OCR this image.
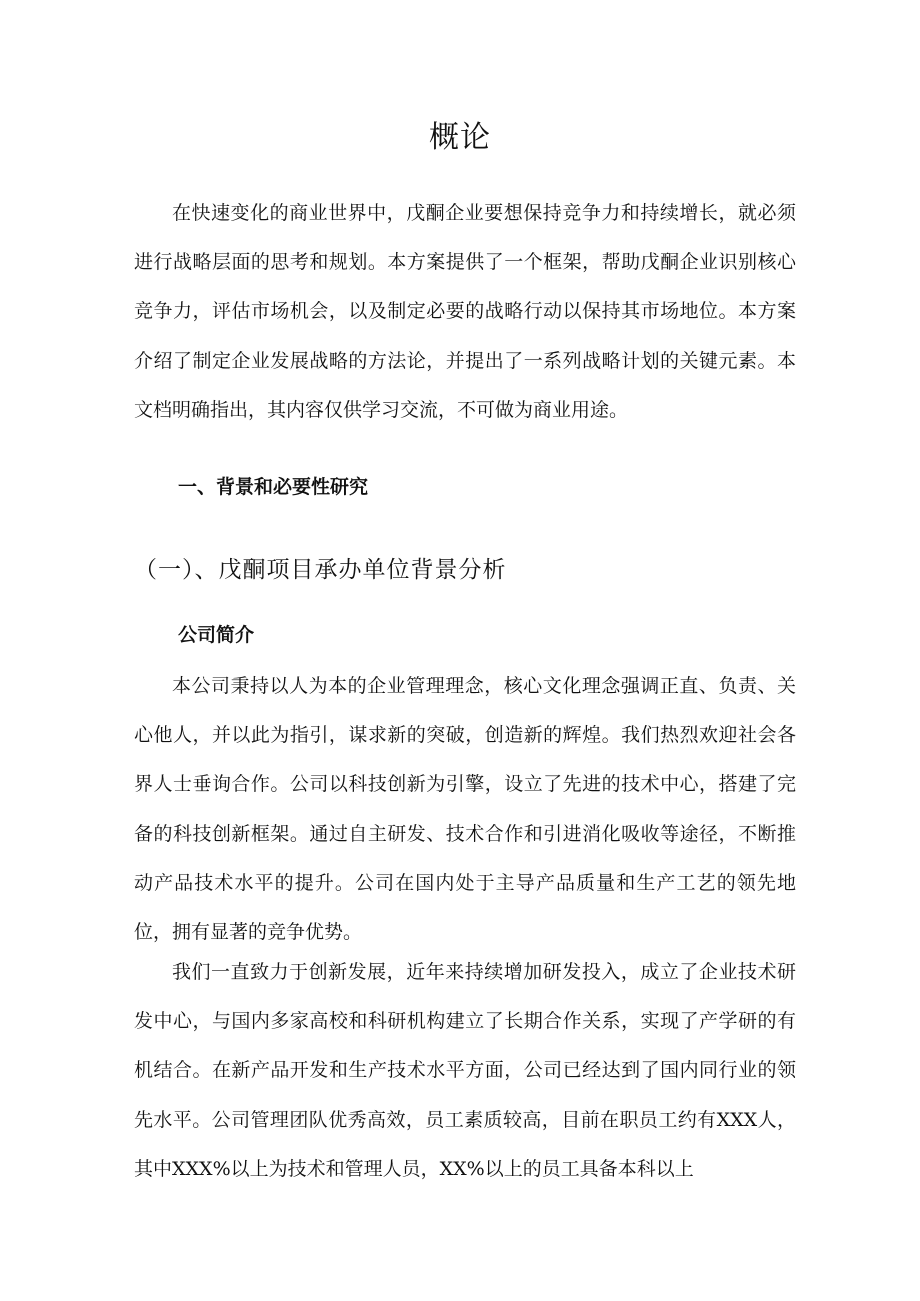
概论

在快速变化的商业世界中，戊酮企业要想保持竞争力和持续增长，就必须进行战略层面的思考和规划。本方案提供了一个框架，帮助戊酮企业识别核心竞争力，评估市场机会，以及制定必要的战略行动以保持其市场地位。本方案介绍了制定企业发展战略的方法论，并提出了一系列战略计划的关键元素。本文档明确指出，其内容仅供学习交流，不可做为商业用途。

一、背景和必要性研究
（一）、戊酮项目承办单位背景分析
公司简介

本公司秉持以人为本的企业管理理念，核心文化理念强调正直、负责、关心他人，并以此为指引，谋求新的突破，创造新的辉煌。我们热烈欢迎社会各界人士垂询合作。公司以科技创新为引擎，设立了先进的技术中心，搭建了完备的科技创新框架。通过自主研发、技术合作和引进消化吸收等途径，不断推动产品技术水平的提升。公司在国内处于主导产品质量和生产工艺的领先地位，拥有显著的竞争优势。

我们一直致力于创新发展，近年来持续增加研发投入，成立了企业技术研发中心，与国内多家高校和科研机构建立了长期合作关系，实现了产学研的有机结合。在新产品开发和生产技术水平方面，公司已经达到了国内同行业的领先水平。公司管理团队优秀高效，员工素质较高，目前在职员工约有XXX人，其中XXX%以上为技术和管理人员，XX%以上的员工具备本科以上
